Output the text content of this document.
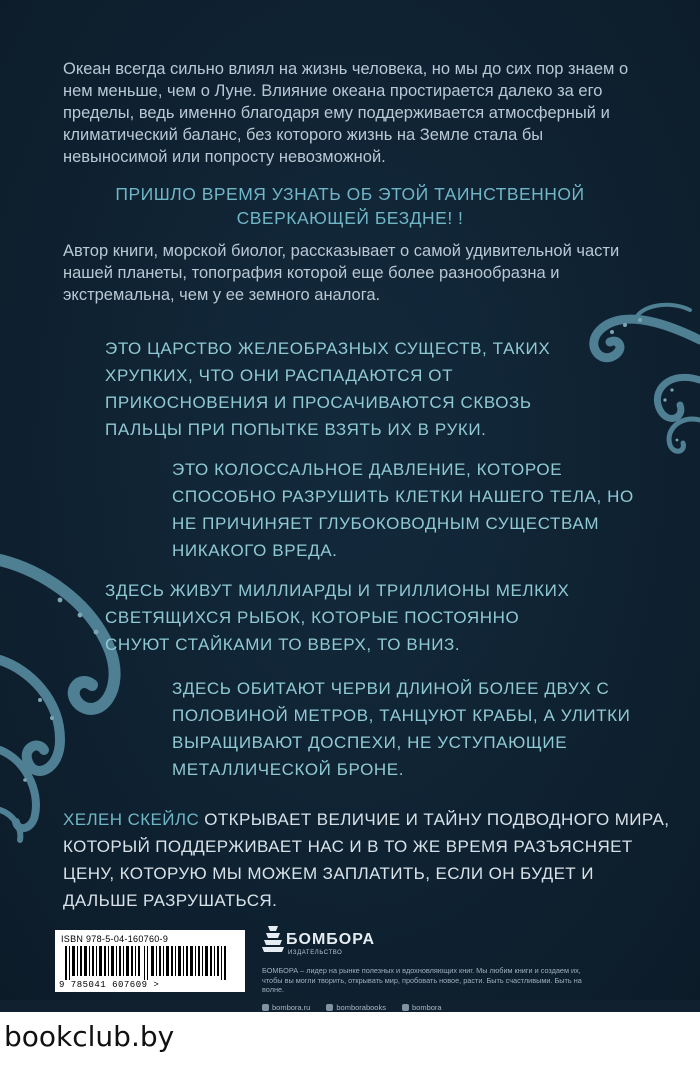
Океан всегда сильно влиял на жизнь человека, но мы до сих пор знаем о нем меньше, чем о Луне. Влияние океана простирается далеко за его пределы, ведь именно благодаря ему поддерживается атмосферный и климатический баланс, без которого жизнь на Земле стала бы невыносимой или попросту невозможной.
ПРИШЛО ВРЕМЯ УЗНАТЬ ОБ ЭТОЙ ТАИНСТВЕННОЙ СВЕРКАЮЩЕЙ БЕЗДНЕ! !
Автор книги, морской биолог, рассказывает о самой удивительной части нашей планеты, топография которой еще более разнообразна и экстремальна, чем у ее земного аналога.
ЭТО ЦАРСТВО ЖЕЛЕОБРАЗНЫХ СУЩЕСТВ, ТАКИХ ХРУПКИХ, ЧТО ОНИ РАСПАДАЮТСЯ ОТ ПРИКОСНОВЕНИЯ И ПРОСАЧИВАЮТСЯ СКВОЗЬ ПАЛЬЦЫ ПРИ ПОПЫТКЕ ВЗЯТЬ ИХ В РУКИ.
ЭТО КОЛОССАЛЬНОЕ ДАВЛЕНИЕ, КОТОРОЕ СПОСОБНО РАЗРУШИТЬ КЛЕТКИ НАШЕГО ТЕЛА, НО НЕ ПРИЧИНЯЕТ ГЛУБОКОВОДНЫМ СУЩЕСТВАМ НИКАКОГО ВРЕДА.
ЗДЕСЬ ЖИВУТ МИЛЛИАРДЫ И ТРИЛЛИОНЫ МЕЛКИХ СВЕТЯЩИХСЯ РЫБОК, КОТОРЫЕ ПОСТОЯННО СНУЮТ СТАЙКАМИ ТО ВВЕРХ, ТО ВНИЗ.
ЗДЕСЬ ОБИТАЮТ ЧЕРВИ ДЛИНОЙ БОЛЕЕ ДВУХ С ПОЛОВИНОЙ МЕТРОВ, ТАНЦУЮТ КРАБЫ, А УЛИТКИ ВЫРАЩИВАЮТ ДОСПЕХИ, НЕ УСТУПАЮЩИЕ МЕТАЛЛИЧЕСКОЙ БРОНЕ.
ХЕЛЕН СКЕЙЛС ОТКРЫВАЕТ ВЕЛИЧИЕ И ТАЙНУ ПОДВОДНОГО МИРА, КОТОРЫЙ ПОДДЕРЖИВАЕТ НАС И В ТО ЖЕ ВРЕМЯ РАЗЪЯСНЯЕТ ЦЕНУ, КОТОРУЮ МЫ МОЖЕМ ЗАПЛАТИТЬ, ЕСЛИ ОН БУДЕТ И ДАЛЬШЕ РАЗРУШАТЬСЯ.
ISBN 978-5-04-160760-9
9 785041 607609 >
БОМБОРА
ИЗДАТЕЛЬСТВО
БОМБОРА – лидер на рынке полезных и вдохновляющих книг. Мы любим книги и создаем их, чтобы вы могли творить, открывать мир, пробовать новое, расти. Быть счастливыми. Быть на волне.
bombora.ru	bomborabooks	bombora
bookclub.by
